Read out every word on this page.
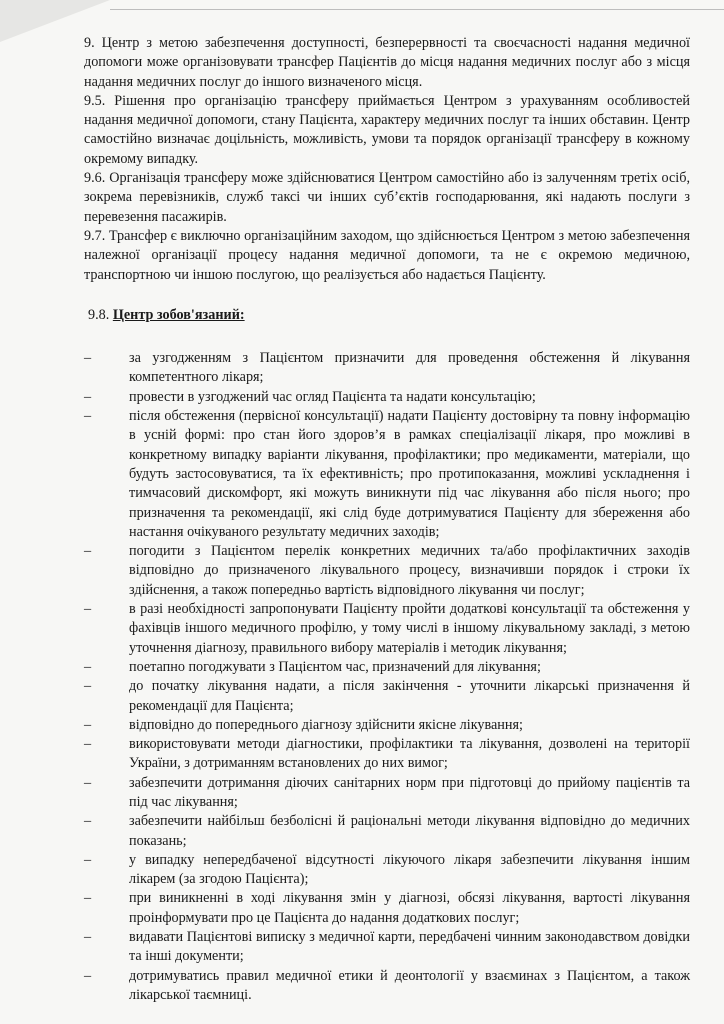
9. Центр з метою забезпечення доступності, безперервності та своєчасності надання медичної допомоги може організовувати трансфер Пацієнтів до місця надання медичних послуг або з місця надання медичних послуг до іншого визначеного місця.

9.5. Рішення про організацію трансферу приймається Центром з урахуванням особливостей надання медичної допомоги, стану Пацієнта, характеру медичних послуг та інших обставин. Центр самостійно визначає доцільність, можливість, умови та порядок організації трансферу в кожному окремому випадку.

9.6. Організація трансферу може здійснюватися Центром самостійно або із залученням третіх осіб, зокрема перевізників, служб таксі чи інших суб’єктів господарювання, які надають послуги з перевезення пасажирів.

9.7. Трансфер є виключно організаційним заходом, що здійснюється Центром з метою забезпечення належної організації процесу надання медичної допомоги, та не є окремою медичною, транспортною чи іншою послугою, що реалізується або надається Пацієнту.

9.8. Центр зобов'язаний:

– за узгодженням з Пацієнтом призначити для проведення обстеження й лікування компетентного лікаря;
– провести в узгоджений час огляд Пацієнта та надати консультацію;
– після обстеження (первісної консультації) надати Пацієнту достовірну та повну інформацію в усній формі: про стан його здоров’я в рамках спеціалізації лікаря, про можливі в конкретному випадку варіанти лікування, профілактики; про медикаменти, матеріали, що будуть застосовуватися, та їх ефективність; про протипоказання, можливі ускладнення і тимчасовий дискомфорт, які можуть виникнути під час лікування або після нього; про призначення та рекомендації, які слід буде дотримуватися Пацієнту для збереження або настання очікуваного результату медичних заходів;
– погодити з Пацієнтом перелік конкретних медичних та/або профілактичних заходів відповідно до призначеного лікувального процесу, визначивши порядок і строки їх здійснення, а також попередньо вартість відповідного лікування чи послуг;
– в разі необхідності запропонувати Пацієнту пройти додаткові консультації та обстеження у фахівців іншого медичного профілю, у тому числі в іншому лікувальному закладі, з метою уточнення діагнозу, правильного вибору матеріалів і методик лікування;
– поетапно погоджувати з Пацієнтом час, призначений для лікування;
– до початку лікування надати, а після закінчення - уточнити лікарські призначення й рекомендації для Пацієнта;
– відповідно до попереднього діагнозу здійснити якісне лікування;
– використовувати методи діагностики, профілактики та лікування, дозволені на території України, з дотриманням встановлених до них вимог;
– забезпечити дотримання діючих санітарних норм при підготовці до прийому пацієнтів та під час лікування;
– забезпечити найбільш безболісні й раціональні методи лікування відповідно до медичних показань;
– у випадку непередбаченої відсутності лікуючого лікаря забезпечити лікування іншим лікарем (за згодою Пацієнта);
– при виникненні в ході лікування змін у діагнозі, обсязі лікування, вартості лікування проінформувати про це Пацієнта до надання додаткових послуг;
– видавати Пацієнтові виписку з медичної карти, передбачені чинним законодавством довідки та інші документи;
– дотримуватись правил медичної етики й деонтології у взаєминах з Пацієнтом, а також лікарської таємниці.
